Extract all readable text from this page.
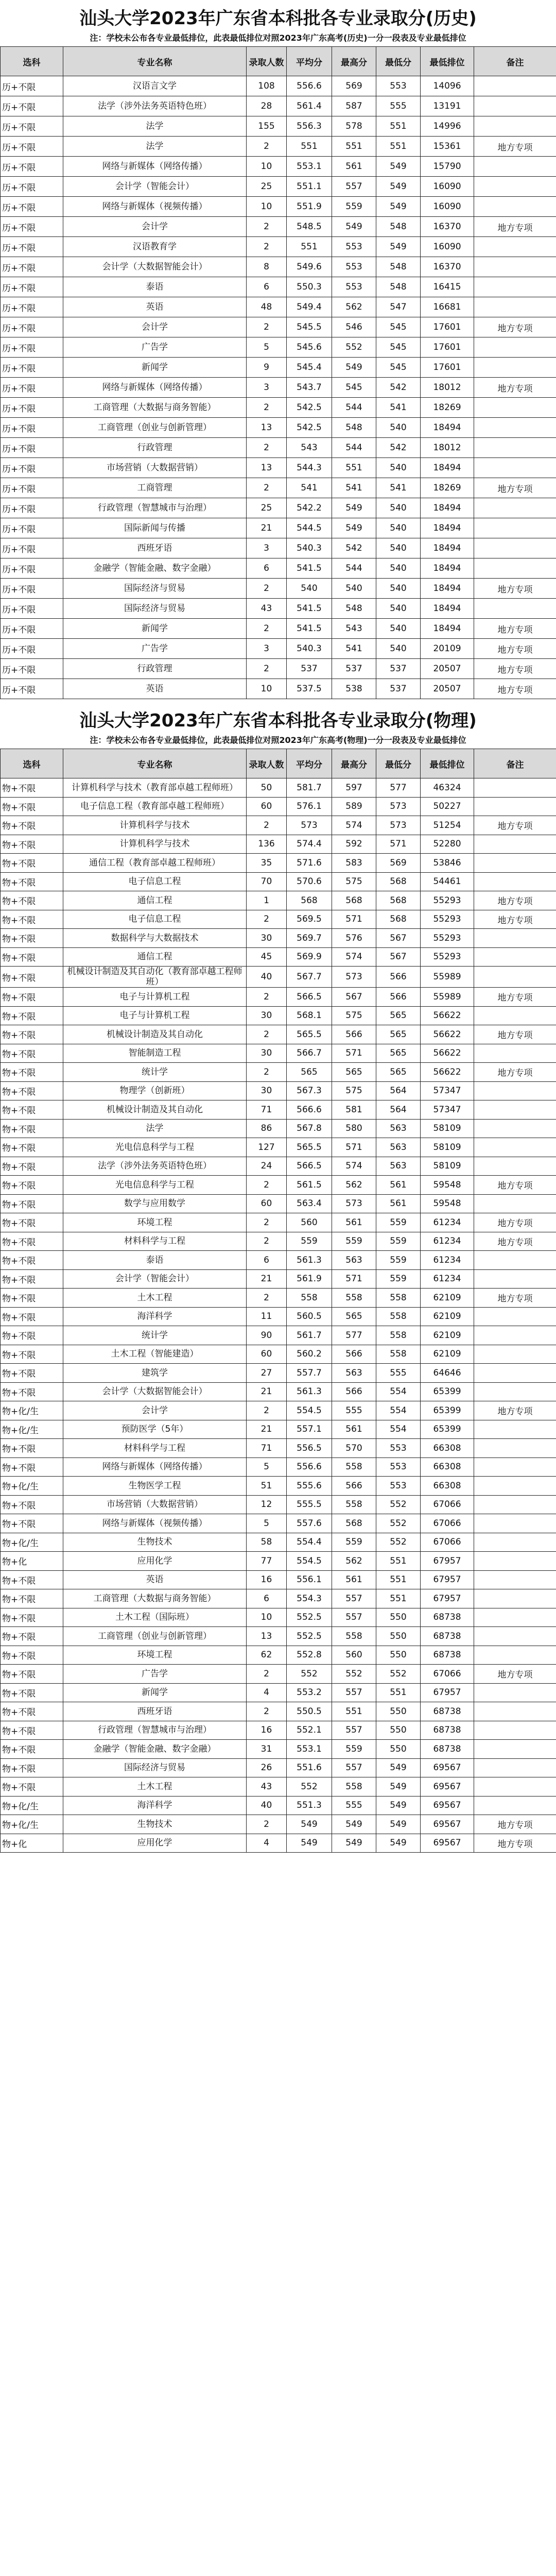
汕头大学2023年广东省本科批各专业录取分(历史)
注：学校未公布各专业最低排位，此表最低排位对照2023年广东高考(历史)一分一段表及专业最低排位
选科	专业名称	录取人数	平均分	最高分	最低分	最低排位	备注
历+不限	汉语言文学	108	556.6	569	553	14096	
历+不限	法学（涉外法务英语特色班）	28	561.4	587	555	13191	
历+不限	法学	155	556.3	578	551	14996	
历+不限	法学	2	551	551	551	15361	地方专项
历+不限	网络与新媒体（网络传播）	10	553.1	561	549	15790	
历+不限	会计学（智能会计）	25	551.1	557	549	16090	
历+不限	网络与新媒体（视频传播）	10	551.9	559	549	16090	
历+不限	会计学	2	548.5	549	548	16370	地方专项
历+不限	汉语教育学	2	551	553	549	16090	
历+不限	会计学（大数据智能会计）	8	549.6	553	548	16370	
历+不限	泰语	6	550.3	553	548	16415	
历+不限	英语	48	549.4	562	547	16681	
历+不限	会计学	2	545.5	546	545	17601	地方专项
历+不限	广告学	5	545.6	552	545	17601	
历+不限	新闻学	9	545.4	549	545	17601	
历+不限	网络与新媒体（网络传播）	3	543.7	545	542	18012	地方专项
历+不限	工商管理（大数据与商务智能）	2	542.5	544	541	18269	
历+不限	工商管理（创业与创新管理）	13	542.5	548	540	18494	
历+不限	行政管理	2	543	544	542	18012	
历+不限	市场营销（大数据营销）	13	544.3	551	540	18494	
历+不限	工商管理	2	541	541	541	18269	地方专项
历+不限	行政管理（智慧城市与治理）	25	542.2	549	540	18494	
历+不限	国际新闻与传播	21	544.5	549	540	18494	
历+不限	西班牙语	3	540.3	542	540	18494	
历+不限	金融学（智能金融、数字金融）	6	541.5	544	540	18494	
历+不限	国际经济与贸易	2	540	540	540	18494	地方专项
历+不限	国际经济与贸易	43	541.5	548	540	18494	
历+不限	新闻学	2	541.5	543	540	18494	地方专项
历+不限	广告学	3	540.3	541	540	20109	地方专项
历+不限	行政管理	2	537	537	537	20507	地方专项
历+不限	英语	10	537.5	538	537	20507	地方专项
汕头大学2023年广东省本科批各专业录取分(物理)
注：学校未公布各专业最低排位，此表最低排位对照2023年广东高考(物理)一分一段表及专业最低排位
选科	专业名称	录取人数	平均分	最高分	最低分	最低排位	备注
物+不限	计算机科学与技术（教育部卓越工程师班）	50	581.7	597	577	46324	
物+不限	电子信息工程（教育部卓越工程师班）	60	576.1	589	573	50227	
物+不限	计算机科学与技术	2	573	574	573	51254	地方专项
物+不限	计算机科学与技术	136	574.4	592	571	52280	
物+不限	通信工程（教育部卓越工程师班）	35	571.6	583	569	53846	
物+不限	电子信息工程	70	570.6	575	568	54461	
物+不限	通信工程	1	568	568	568	55293	地方专项
物+不限	电子信息工程	2	569.5	571	568	55293	地方专项
物+不限	数据科学与大数据技术	30	569.7	576	567	55293	
物+不限	通信工程	45	569.9	574	567	55293	
物+不限	机械设计制造及其自动化（教育部卓越工程师班）	40	567.7	573	566	55989	
物+不限	电子与计算机工程	2	566.5	567	566	55989	地方专项
物+不限	电子与计算机工程	30	568.1	575	565	56622	
物+不限	机械设计制造及其自动化	2	565.5	566	565	56622	地方专项
物+不限	智能制造工程	30	566.7	571	565	56622	
物+不限	统计学	2	565	565	565	56622	地方专项
物+不限	物理学（创新班）	30	567.3	575	564	57347	
物+不限	机械设计制造及其自动化	71	566.6	581	564	57347	
物+不限	法学	86	567.8	580	563	58109	
物+不限	光电信息科学与工程	127	565.5	571	563	58109	
物+不限	法学（涉外法务英语特色班）	24	566.5	574	563	58109	
物+不限	光电信息科学与工程	2	561.5	562	561	59548	地方专项
物+不限	数学与应用数学	60	563.4	573	561	59548	
物+不限	环境工程	2	560	561	559	61234	地方专项
物+不限	材料科学与工程	2	559	559	559	61234	地方专项
物+不限	泰语	6	561.3	563	559	61234	
物+不限	会计学（智能会计）	21	561.9	571	559	61234	
物+不限	土木工程	2	558	558	558	62109	地方专项
物+不限	海洋科学	11	560.5	565	558	62109	
物+不限	统计学	90	561.7	577	558	62109	
物+不限	土木工程（智能建造）	60	560.2	566	558	62109	
物+不限	建筑学	27	557.7	563	555	64646	
物+不限	会计学（大数据智能会计）	21	561.3	566	554	65399	
物+化/生	会计学	2	554.5	555	554	65399	地方专项
物+化/生	预防医学（5年）	21	557.1	561	554	65399	
物+不限	材料科学与工程	71	556.5	570	553	66308	
物+不限	网络与新媒体（网络传播）	5	556.6	558	553	66308	
物+化/生	生物医学工程	51	555.6	566	553	66308	
物+不限	市场营销（大数据营销）	12	555.5	558	552	67066	
物+不限	网络与新媒体（视频传播）	5	557.6	568	552	67066	
物+化/生	生物技术	58	554.4	559	552	67066	
物+化	应用化学	77	554.5	562	551	67957	
物+不限	英语	16	556.1	561	551	67957	
物+不限	工商管理（大数据与商务智能）	6	554.3	557	551	67957	
物+不限	土木工程（国际班）	10	552.5	557	550	68738	
物+不限	工商管理（创业与创新管理）	13	552.5	558	550	68738	
物+不限	环境工程	62	552.8	560	550	68738	
物+不限	广告学	2	552	552	552	67066	地方专项
物+不限	新闻学	4	553.2	557	551	67957	
物+不限	西班牙语	2	550.5	551	550	68738	
物+不限	行政管理（智慧城市与治理）	16	552.1	557	550	68738	
物+不限	金融学（智能金融、数字金融）	31	553.1	559	550	68738	
物+不限	国际经济与贸易	26	551.6	557	549	69567	
物+不限	土木工程	43	552	558	549	69567	
物+化/生	海洋科学	40	551.3	555	549	69567	
物+化/生	生物技术	2	549	549	549	69567	地方专项
物+化	应用化学	4	549	549	549	69567	地方专项
